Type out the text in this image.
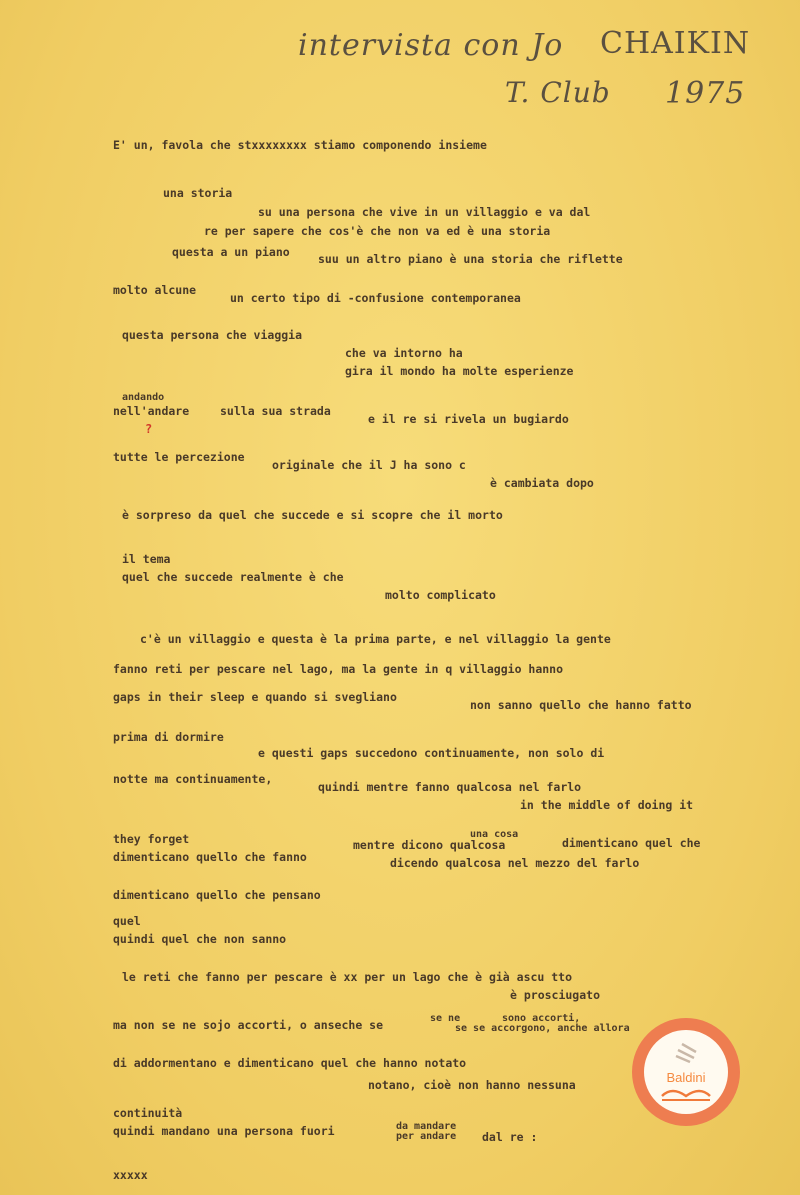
intervista con Jo CHAIKIN
T. Club 1975
E' un, favola che stxxxxxxxx stiamo componendo insieme
una storia
su una persona che vive in un villaggio e va dal
re per sapere che cos'è che non va ed è una storia
questa a un piano suu un altro piano è una storia che riflette
molto alcune
un certo tipo di -confusione contemporanea
questa persona che viaggia
che va intorno ha
gira il mondo ha molte esperienze
andando
nell'andare	sulla sua strada
e il re si rivela un bugiardo
?
tutte le percezione
originale che il J ha sono c
è cambiata dopo
è sorpreso da quel che succede e si scopre che il morto
il tema
quel che succede realmente è che
molto complicato
c'è un villaggio e questa è la prima parte, e nel villaggio la gente
fanno reti per pescare nel lago, ma la gente in q villaggio hanno
gaps in their sleep e quando si svegliano
non sanno quello che hanno fatto
prima di dormire
e questi gaps succedono continuamente, non solo di
notte ma continuamente,
quindi mentre fanno qualcosa nel farlo
in the middle of doing it
they forget
dimenticano quello che fanno
una cosa
mentre dicono qualcosa	dimenticano quel che
dicendo qualcosa nel mezzo del farlo
dimenticano quello che pensano
quel
quindi quel che non sanno
le reti che fanno per pescare è xx per un lago che è già ascu tto
è prosciugato
ma non se ne sojo accorti, o anseche se	se ne	sono accorti,
se se accorgono, anche allora
di addormentano e dimenticano quel che hanno notato
notano, cioè non hanno nessuna
continuità
quindi mandano una persona fuori	da mandare
per andare dal re :
xxxxx
Baldini
